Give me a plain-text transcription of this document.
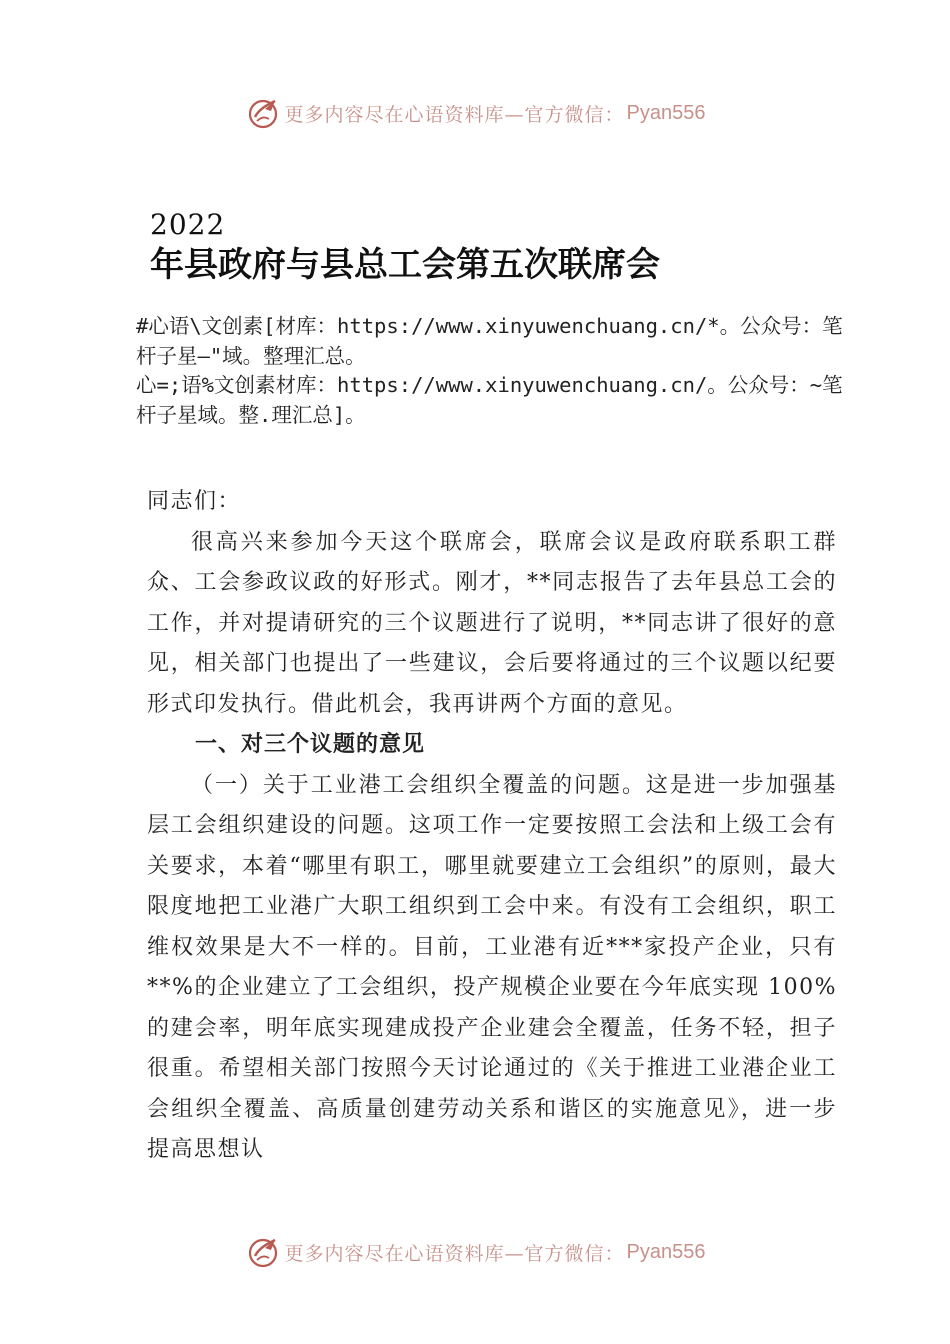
更多内容尽在心语资料库—官方微信： Pyan556
2022
年县政府与县总工会第五次联席会

#心语\文创素[材库：https://www.xinyuwenchuang.cn/*。公众号：笔杆子星—"域。整理汇总。

心=;语%文创素材库：https://www.xinyuwenchuang.cn/。公众号：~笔杆子星域。整.理汇总]。

同志们：

很高兴来参加今天这个联席会，联席会议是政府联系职工群众、工会参政议政的好形式。刚才，**同志报告了去年县总工会的工作，并对提请研究的三个议题进行了说明，**同志讲了很好的意见，相关部门也提出了一些建议，会后要将通过的三个议题以纪要形式印发执行。借此机会，我再讲两个方面的意见。

一、对三个议题的意见

（一）关于工业港工会组织全覆盖的问题。这是进一步加强基层工会组织建设的问题。这项工作一定要按照工会法和上级工会有关要求，本着“哪里有职工，哪里就要建立工会组织”的原则，最大限度地把工业港广大职工组织到工会中来。有没有工会组织，职工维权效果是大不一样的。目前，工业港有近***家投产企业，只有**%的企业建立了工会组织，投产规模企业要在今年底实现 100%的建会率，明年底实现建成投产企业建会全覆盖，任务不轻，担子很重。希望相关部门按照今天讨论通过的《关于推进工业港企业工会组织全覆盖、高质量创建劳动关系和谐区的实施意见》，进一步提高思想认

更多内容尽在心语资料库—官方微信： Pyan556
